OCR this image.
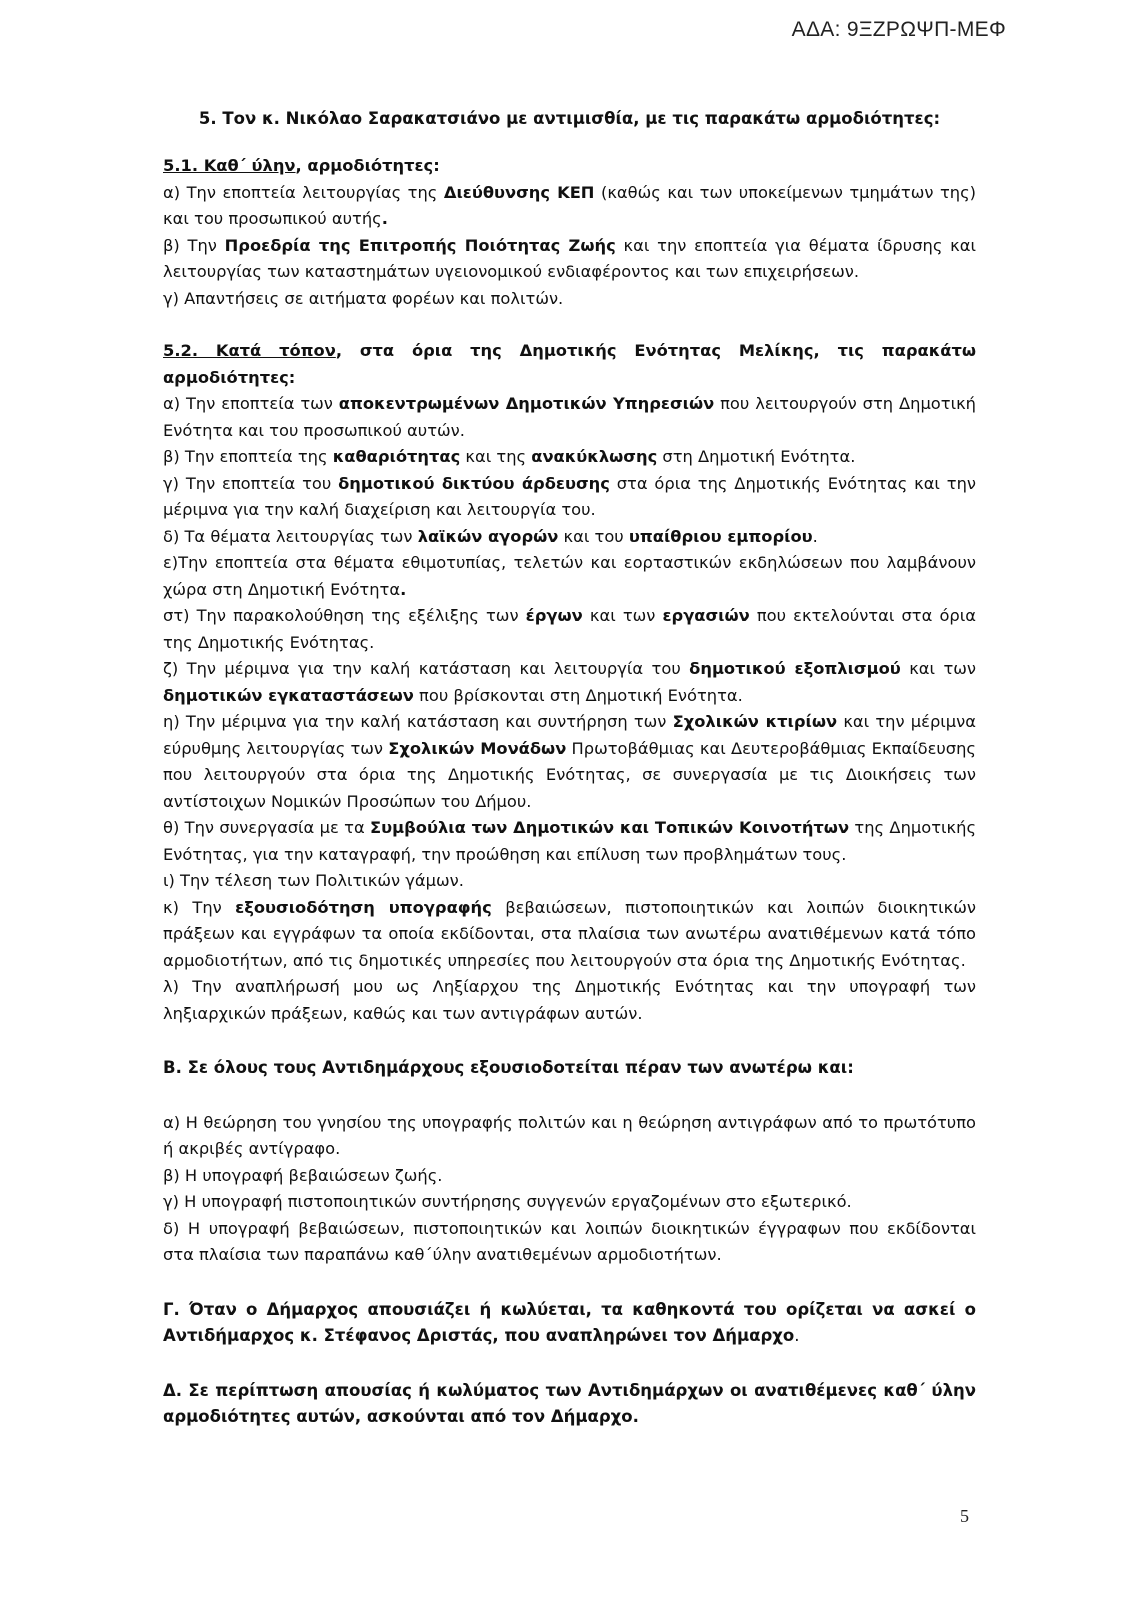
ΑΔΑ: 9ΞΖΡΩΨΠ-ΜΕΦ

5. Τον κ. Νικόλαο Σαρακατσιάνο με αντιμισθία, με τις παρακάτω αρμοδιότητες:

5.1. Καθ΄ ύλην, αρμοδιότητες:

α) Την εποπτεία λειτουργίας της Διεύθυνσης ΚΕΠ (καθώς και των υποκείμενων τμημάτων της) και του προσωπικού αυτής.

β) Την Προεδρία της Επιτροπής Ποιότητας Ζωής και την εποπτεία για θέματα ίδρυσης και λειτουργίας των καταστημάτων υγειονομικού ενδιαφέροντος και των επιχειρήσεων.

γ) Απαντήσεις σε αιτήματα φορέων και πολιτών.

5.2. Κατά τόπον, στα όρια της Δημοτικής Ενότητας Μελίκης, τις παρακάτω αρμοδιότητες:

α) Την εποπτεία των αποκεντρωμένων Δημοτικών Υπηρεσιών που λειτουργούν στη Δημοτική Ενότητα και του προσωπικού αυτών.

β) Την εποπτεία της καθαριότητας και της ανακύκλωσης στη Δημοτική Ενότητα.

γ) Την εποπτεία του δημοτικού δικτύου άρδευσης στα όρια της Δημοτικής Ενότητας και την μέριμνα για την καλή διαχείριση και λειτουργία του.

δ) Τα θέματα λειτουργίας των λαϊκών αγορών και του υπαίθριου εμπορίου.

ε)Την εποπτεία στα θέματα εθιμοτυπίας, τελετών και εορταστικών εκδηλώσεων που λαμβάνουν χώρα στη Δημοτική Ενότητα.

στ) Την παρακολούθηση της εξέλιξης των έργων και των εργασιών που εκτελούνται στα όρια της Δημοτικής Ενότητας.

ζ) Την μέριμνα για την καλή κατάσταση και λειτουργία του δημοτικού εξοπλισμού και των δημοτικών εγκαταστάσεων που βρίσκονται στη Δημοτική Ενότητα.

η) Την μέριμνα για την καλή κατάσταση και συντήρηση των Σχολικών κτιρίων και την μέριμνα εύρυθμης λειτουργίας των Σχολικών Μονάδων Πρωτοβάθμιας και Δευτεροβάθμιας Εκπαίδευσης που λειτουργούν στα όρια της Δημοτικής Ενότητας, σε συνεργασία με τις Διοικήσεις των αντίστοιχων Νομικών Προσώπων του Δήμου.

θ) Την συνεργασία με τα Συμβούλια των Δημοτικών και Τοπικών Κοινοτήτων της Δημοτικής Ενότητας, για την καταγραφή, την προώθηση και επίλυση των προβλημάτων τους.

ι) Την τέλεση των Πολιτικών γάμων.

κ) Την εξουσιοδότηση υπογραφής βεβαιώσεων, πιστοποιητικών και λοιπών διοικητικών πράξεων και εγγράφων τα οποία εκδίδονται, στα πλαίσια των ανωτέρω ανατιθέμενων κατά τόπο αρμοδιοτήτων, από τις δημοτικές υπηρεσίες που λειτουργούν στα όρια της Δημοτικής Ενότητας.

λ) Την αναπλήρωσή μου ως Ληξίαρχου της Δημοτικής Ενότητας και την υπογραφή των ληξιαρχικών πράξεων, καθώς και των αντιγράφων αυτών.

Β. Σε όλους τους Αντιδημάρχους εξουσιοδοτείται πέραν των ανωτέρω και:

α) Η θεώρηση του γνησίου της υπογραφής πολιτών και η θεώρηση αντιγράφων από το πρωτότυπο ή ακριβές αντίγραφο.

β) Η υπογραφή βεβαιώσεων ζωής.

γ) Η υπογραφή πιστοποιητικών συντήρησης συγγενών εργαζομένων στο εξωτερικό.

δ) Η υπογραφή βεβαιώσεων, πιστοποιητικών και λοιπών διοικητικών έγγραφων που εκδίδονται στα πλαίσια των παραπάνω καθ΄ύλην ανατιθεμένων αρμοδιοτήτων.

Γ. Όταν ο Δήμαρχος απουσιάζει ή κωλύεται, τα καθηκοντά του ορίζεται να ασκεί ο Αντιδήμαρχος κ. Στέφανος Δριστάς, που αναπληρώνει τον Δήμαρχο.

Δ. Σε περίπτωση απουσίας ή κωλύματος των Αντιδημάρχων οι ανατιθέμενες καθ΄ ύλην αρμοδιότητες αυτών, ασκούνται από τον Δήμαρχο.

5
